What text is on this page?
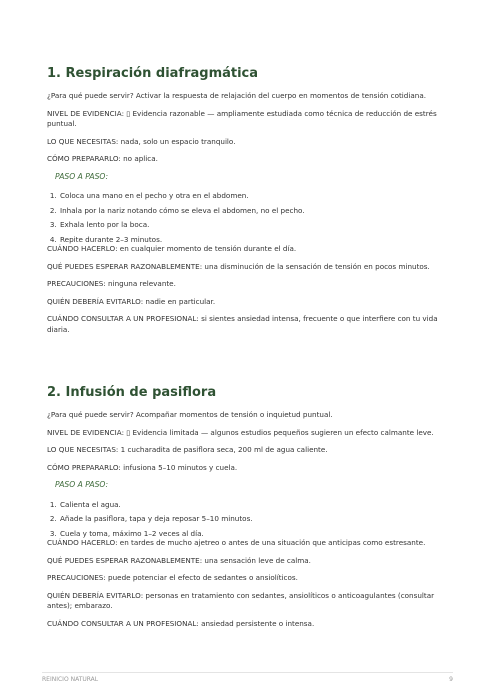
1. Respiración diafragmática

¿Para qué puede servir? Activar la respuesta de relajación del cuerpo en momentos de tensión cotidiana.

NIVEL DE EVIDENCIA: ▯ Evidencia razonable — ampliamente estudiada como técnica de reducción de estrés puntual.

LO QUE NECESITAS: nada, solo un espacio tranquilo.

CÓMO PREPARARLO: no aplica.

PASO A PASO:

1. Coloca una mano en el pecho y otra en el abdomen.
2. Inhala por la nariz notando cómo se eleva el abdomen, no el pecho.
3. Exhala lento por la boca.
4. Repite durante 2–3 minutos.

CUÁNDO HACERLO: en cualquier momento de tensión durante el día.

QUÉ PUEDES ESPERAR RAZONABLEMENTE: una disminución de la sensación de tensión en pocos minutos.

PRECAUCIONES: ninguna relevante.

QUIÉN DEBERÍA EVITARLO: nadie en particular.

CUÁNDO CONSULTAR A UN PROFESIONAL: si sientes ansiedad intensa, frecuente o que interfiere con tu vida diaria.

2. Infusión de pasiflora

¿Para qué puede servir? Acompañar momentos de tensión o inquietud puntual.

NIVEL DE EVIDENCIA: ▯ Evidencia limitada — algunos estudios pequeños sugieren un efecto calmante leve.

LO QUE NECESITAS: 1 cucharadita de pasiflora seca, 200 ml de agua caliente.

CÓMO PREPARARLO: infusiona 5–10 minutos y cuela.

PASO A PASO:

1. Calienta el agua.
2. Añade la pasiflora, tapa y deja reposar 5–10 minutos.
3. Cuela y toma, máximo 1–2 veces al día.

CUÁNDO HACERLO: en tardes de mucho ajetreo o antes de una situación que anticipas como estresante.

QUÉ PUEDES ESPERAR RAZONABLEMENTE: una sensación leve de calma.

PRECAUCIONES: puede potenciar el efecto de sedantes o ansiolíticos.

QUIÉN DEBERÍA EVITARLO: personas en tratamiento con sedantes, ansiolíticos o anticoagulantes (consultar antes); embarazo.

CUÁNDO CONSULTAR A UN PROFESIONAL: ansiedad persistente o intensa.

REINICIO NATURAL	9
